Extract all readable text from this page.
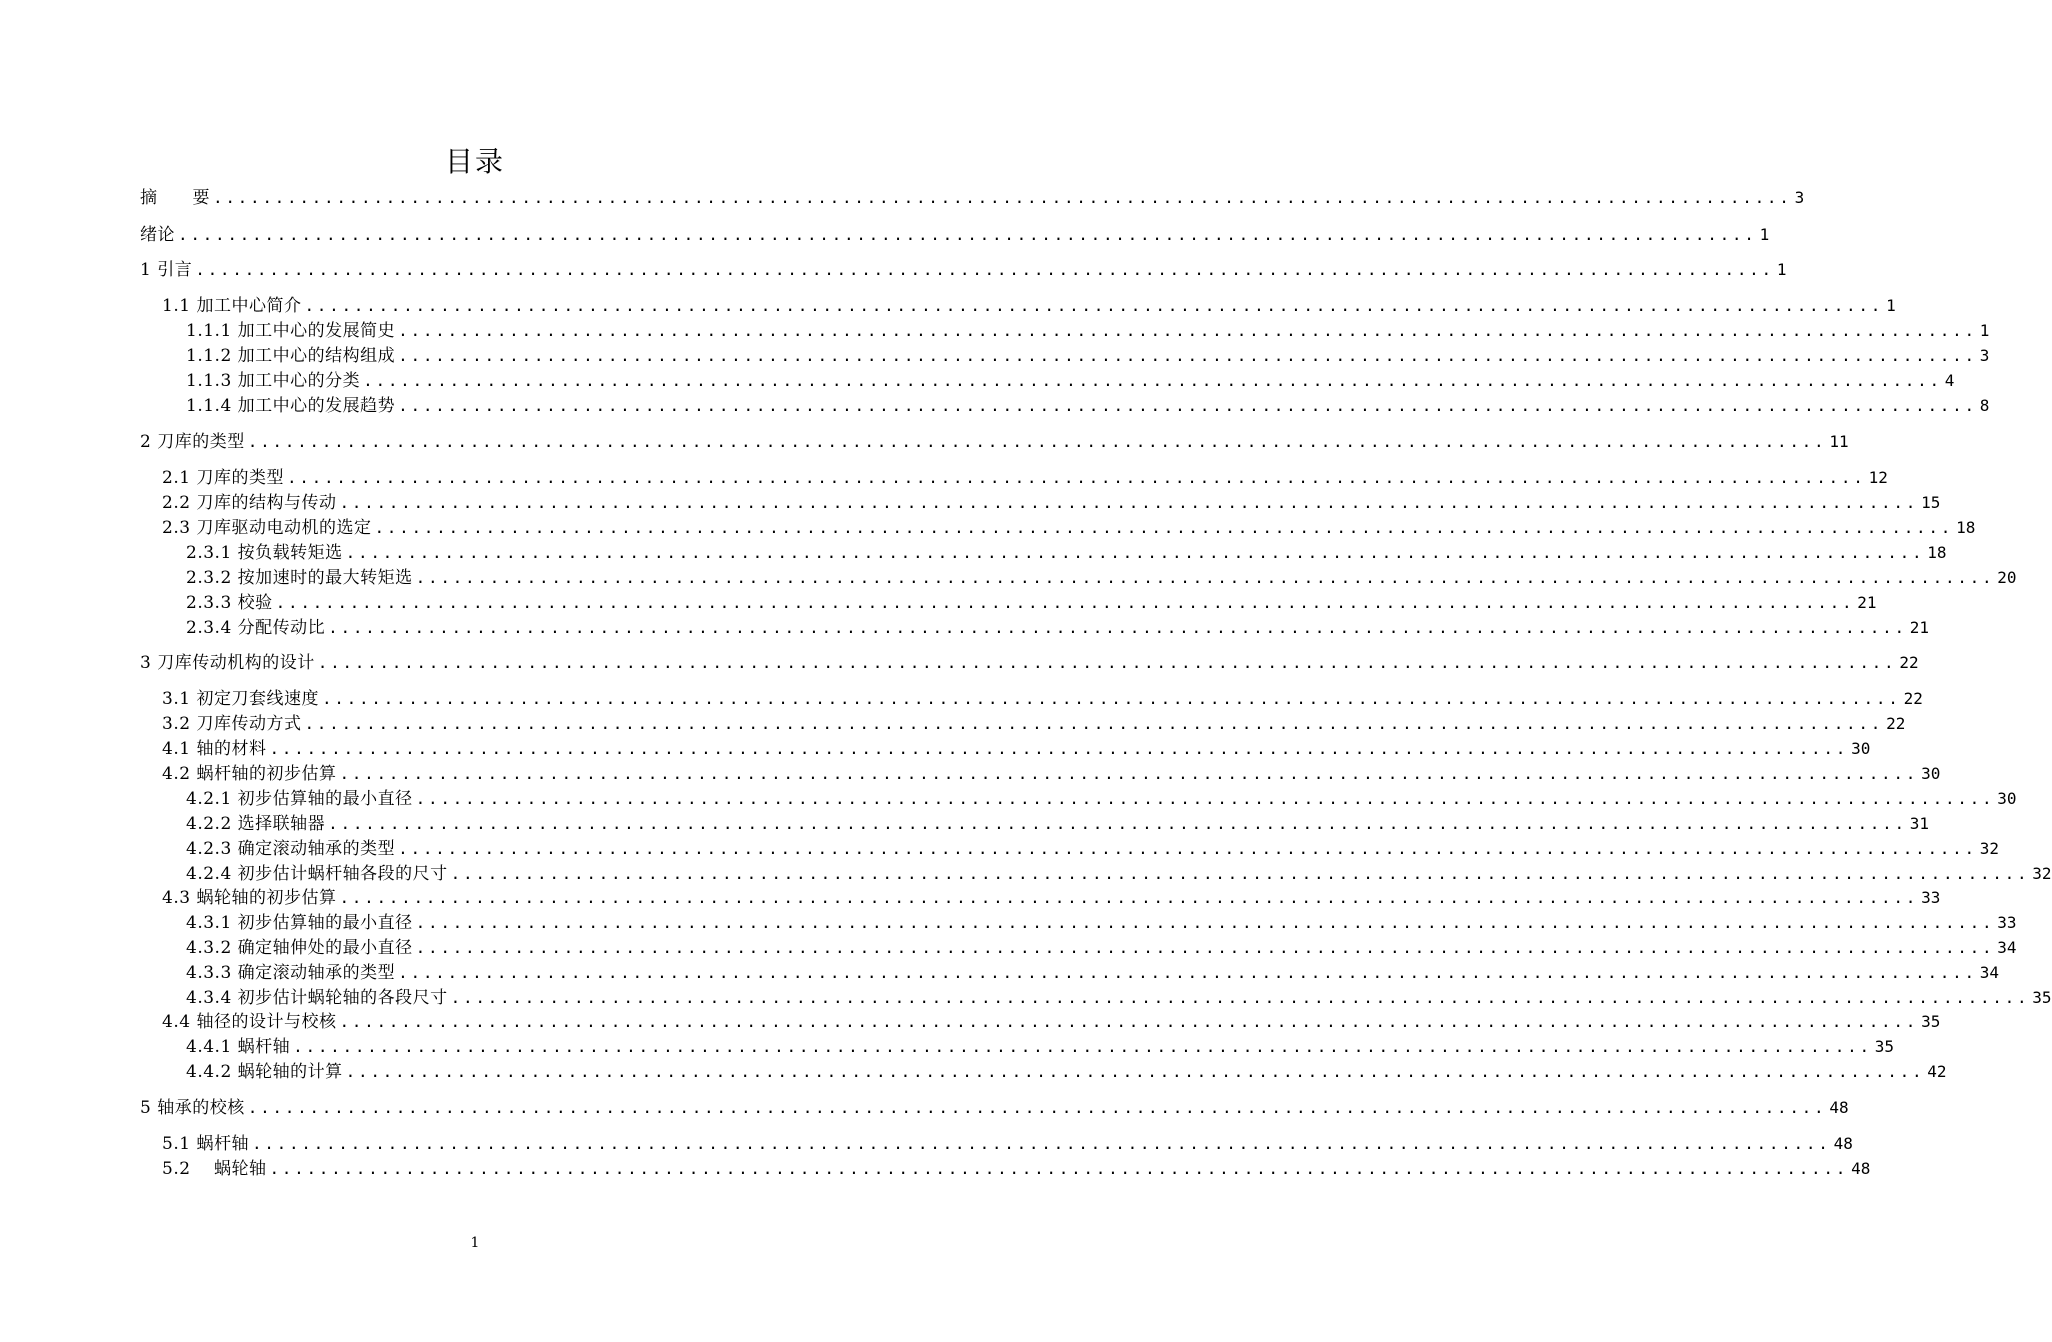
目录
摘　　要 ................................................................................................................................ 3
绪论 ................................................................................................................................ 1
1 引言 ................................................................................................................................ 1
1.1 加工中心简介 ................................................................................................................................ 1
1.1.1 加工中心的发展简史 ................................................................................................................................ 1
1.1.2 加工中心的结构组成 ................................................................................................................................ 3
1.1.3 加工中心的分类 ................................................................................................................................ 4
1.1.4 加工中心的发展趋势 ................................................................................................................................ 8
2 刀库的类型 ................................................................................................................................ 11
2.1 刀库的类型 ................................................................................................................................ 12
2.2 刀库的结构与传动 ................................................................................................................................ 15
2.3 刀库驱动电动机的选定 ................................................................................................................................ 18
2.3.1 按负载转矩选 ................................................................................................................................ 18
2.3.2 按加速时的最大转矩选 ................................................................................................................................ 20
2.3.3 校验 ................................................................................................................................ 21
2.3.4 分配传动比 ................................................................................................................................ 21
3 刀库传动机构的设计 ................................................................................................................................ 22
3.1 初定刀套线速度 ................................................................................................................................ 22
3.2 刀库传动方式 ................................................................................................................................ 22
4.1 轴的材料 ................................................................................................................................ 30
4.2 蜗杆轴的初步估算 ................................................................................................................................ 30
4.2.1 初步估算轴的最小直径 ................................................................................................................................ 30
4.2.2 选择联轴器 ................................................................................................................................ 31
4.2.3 确定滚动轴承的类型 ................................................................................................................................ 32
4.2.4 初步估计蜗杆轴各段的尺寸 ................................................................................................................................ 32
4.3 蜗轮轴的初步估算 ................................................................................................................................ 33
4.3.1 初步估算轴的最小直径 ................................................................................................................................ 33
4.3.2 确定轴伸处的最小直径 ................................................................................................................................ 34
4.3.3 确定滚动轴承的类型 ................................................................................................................................ 34
4.3.4 初步估计蜗轮轴的各段尺寸 ................................................................................................................................ 35
4.4 轴径的设计与校核 ................................................................................................................................ 35
4.4.1 蜗杆轴 ................................................................................................................................ 35
4.4.2 蜗轮轴的计算 ................................................................................................................................ 42
5 轴承的校核 ................................................................................................................................ 48
5.1 蜗杆轴 ................................................................................................................................ 48
5.2　 蜗轮轴 ................................................................................................................................ 48
1
